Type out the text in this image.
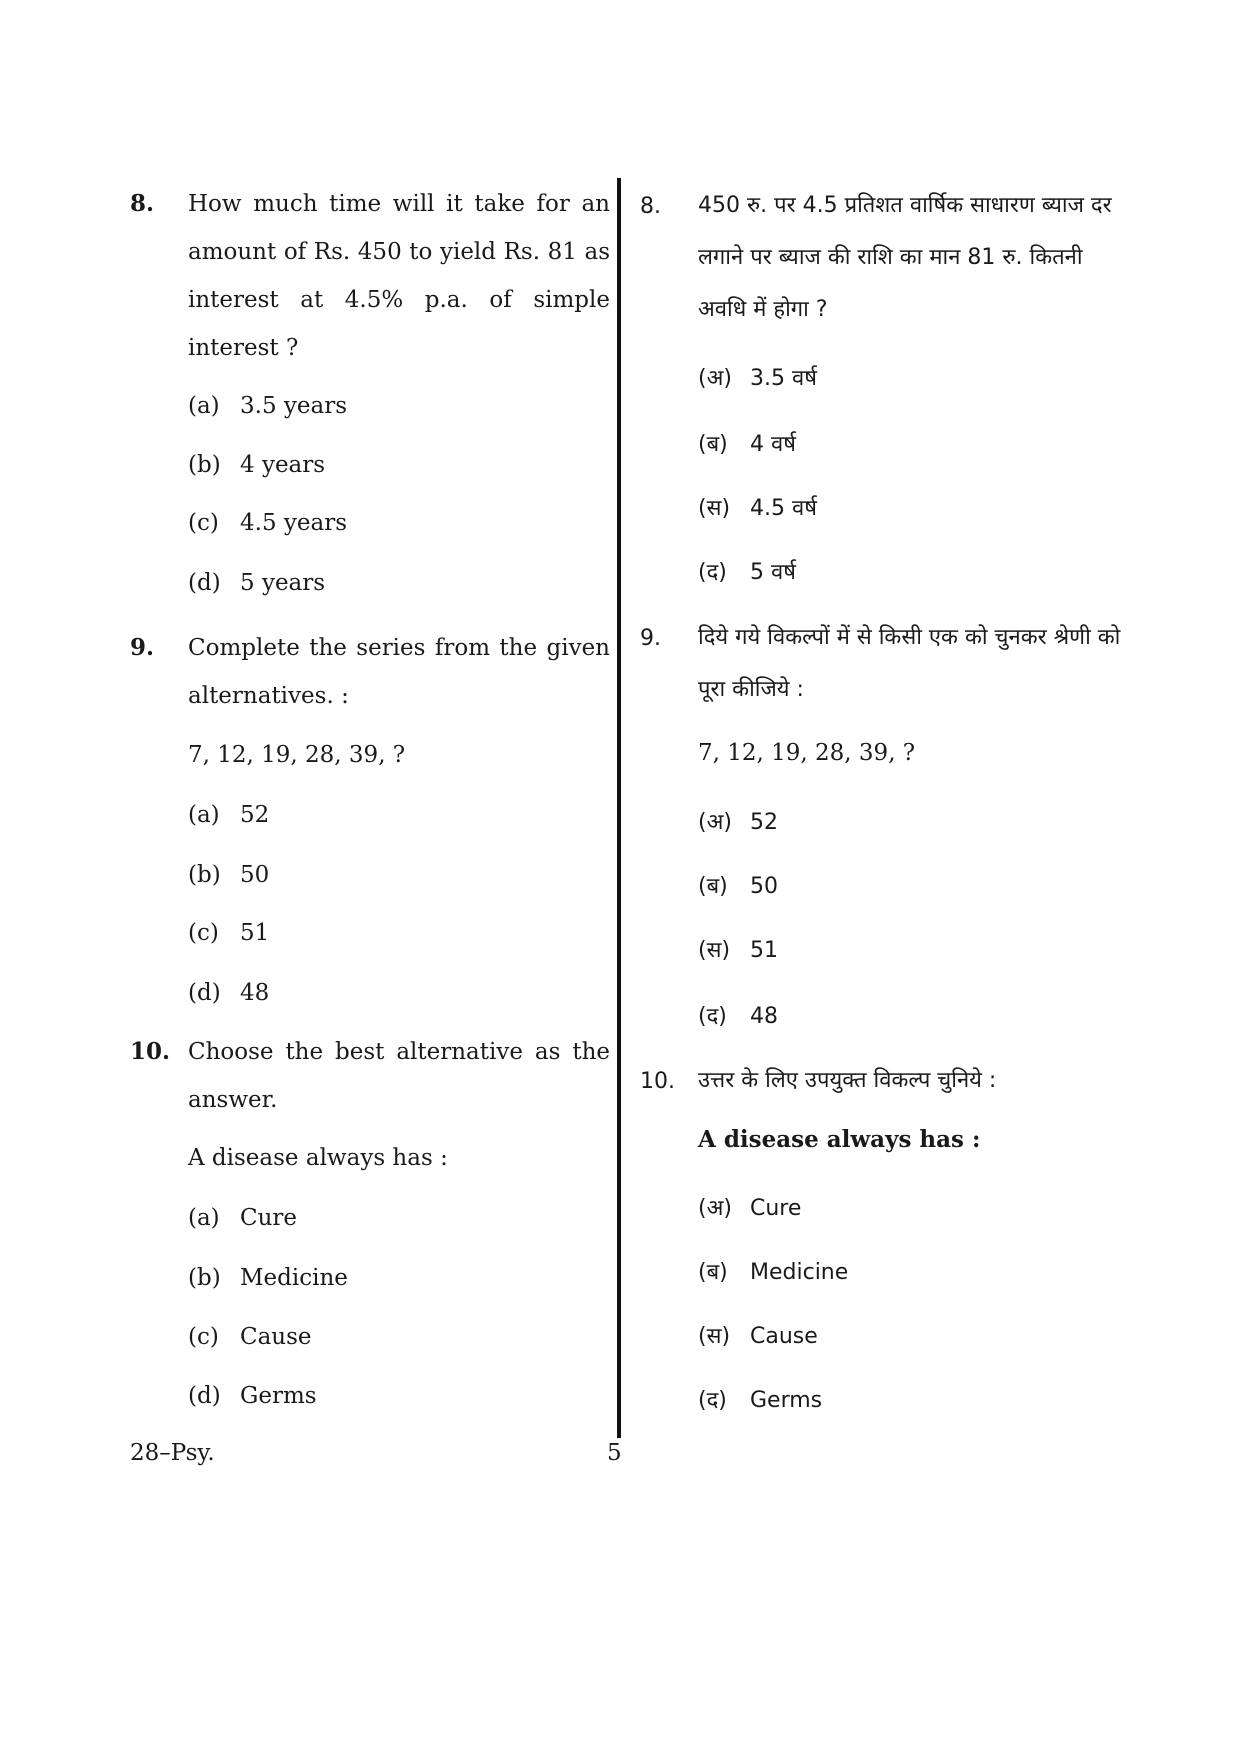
8. How much time will it take for an amount of Rs. 450 to yield Rs. 81 as interest at 4.5% p.a. of simple interest ?
(a) 3.5 years
(b) 4 years
(c) 4.5 years
(d) 5 years
9. Complete the series from the given alternatives. :
7, 12, 19, 28, 39, ?
(a) 52
(b) 50
(c) 51
(d) 48
10. Choose the best alternative as the answer.
A disease always has :
(a) Cure
(b) Medicine
(c) Cause
(d) Germs
8. 450 रु. पर 4.5 प्रतिशत वार्षिक साधारण ब्याज दर लगाने पर ब्याज की राशि का मान 81 रु. कितनी अवधि में होगा ?
(अ) 3.5 वर्ष
(ब) 4 वर्ष
(स) 4.5 वर्ष
(द) 5 वर्ष
9. दिये गये विकल्पों में से किसी एक को चुनकर श्रेणी को पूरा कीजिये :
7, 12, 19, 28, 39, ?
(अ) 52
(ब) 50
(स) 51
(द) 48
10. उत्तर के लिए उपयुक्त विकल्प चुनिये :
A disease always has :
(अ) Cure
(ब) Medicine
(स) Cause
(द) Germs
28–Psy.	5
